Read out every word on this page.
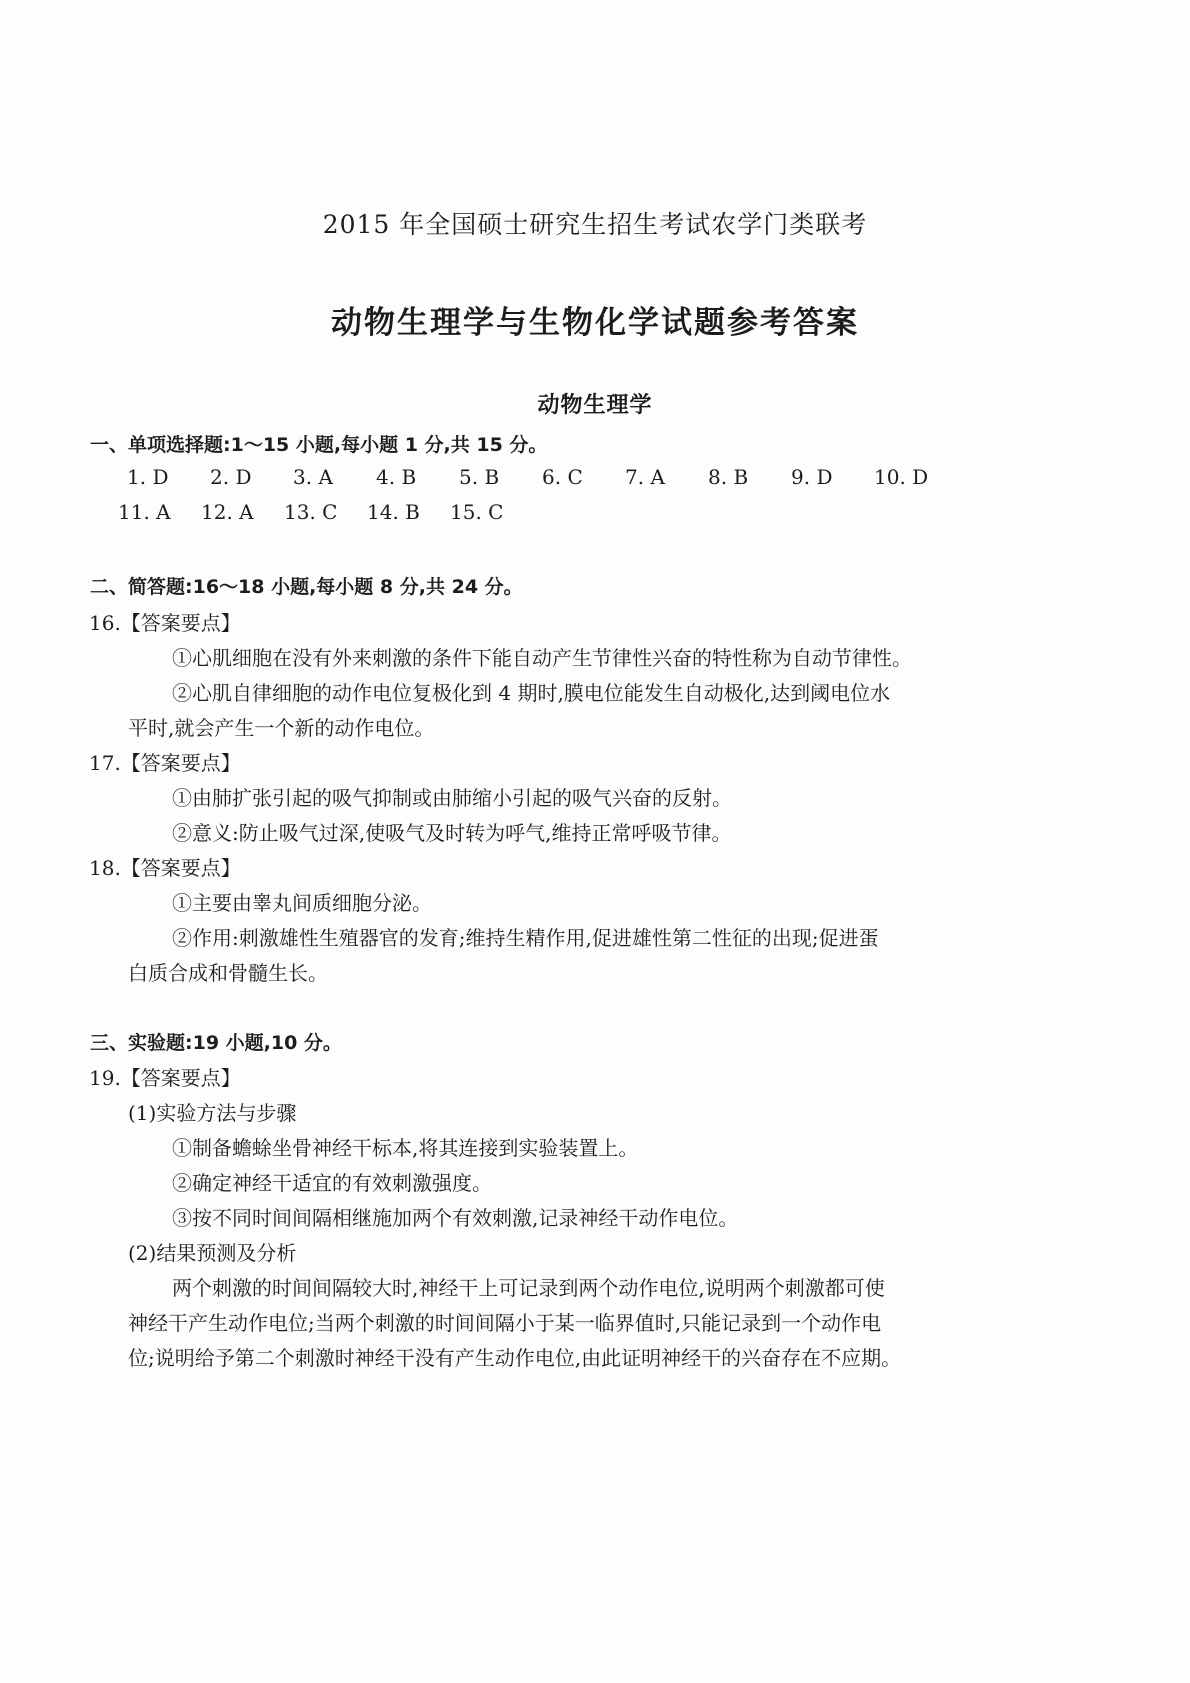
2015 年全国硕士研究生招生考试农学门类联考
动物生理学与生物化学试题参考答案
动物生理学
一、单项选择题:1～15 小题,每小题 1 分,共 15 分。
1. D 2. D 3. A 4. B 5. B 6. C 7. A 8. B 9. D 10. D
11. A 12. A 13. C 14. B 15. C
二、简答题:16～18 小题,每小题 8 分,共 24 分。
16.【答案要点】
①心肌细胞在没有外来刺激的条件下能自动产生节律性兴奋的特性称为自动节律性。
②心肌自律细胞的动作电位复极化到 4 期时,膜电位能发生自动极化,达到阈电位水
平时,就会产生一个新的动作电位。
17.【答案要点】
①由肺扩张引起的吸气抑制或由肺缩小引起的吸气兴奋的反射。
②意义:防止吸气过深,使吸气及时转为呼气,维持正常呼吸节律。
18.【答案要点】
①主要由睾丸间质细胞分泌。
②作用:刺激雄性生殖器官的发育;维持生精作用,促进雄性第二性征的出现;促进蛋
白质合成和骨髓生长。
三、实验题:19 小题,10 分。
19.【答案要点】
(1)实验方法与步骤
①制备蟾蜍坐骨神经干标本,将其连接到实验装置上。
②确定神经干适宜的有效刺激强度。
③按不同时间间隔相继施加两个有效刺激,记录神经干动作电位。
(2)结果预测及分析
两个刺激的时间间隔较大时,神经干上可记录到两个动作电位,说明两个刺激都可使
神经干产生动作电位;当两个刺激的时间间隔小于某一临界值时,只能记录到一个动作电
位;说明给予第二个刺激时神经干没有产生动作电位,由此证明神经干的兴奋存在不应期。
